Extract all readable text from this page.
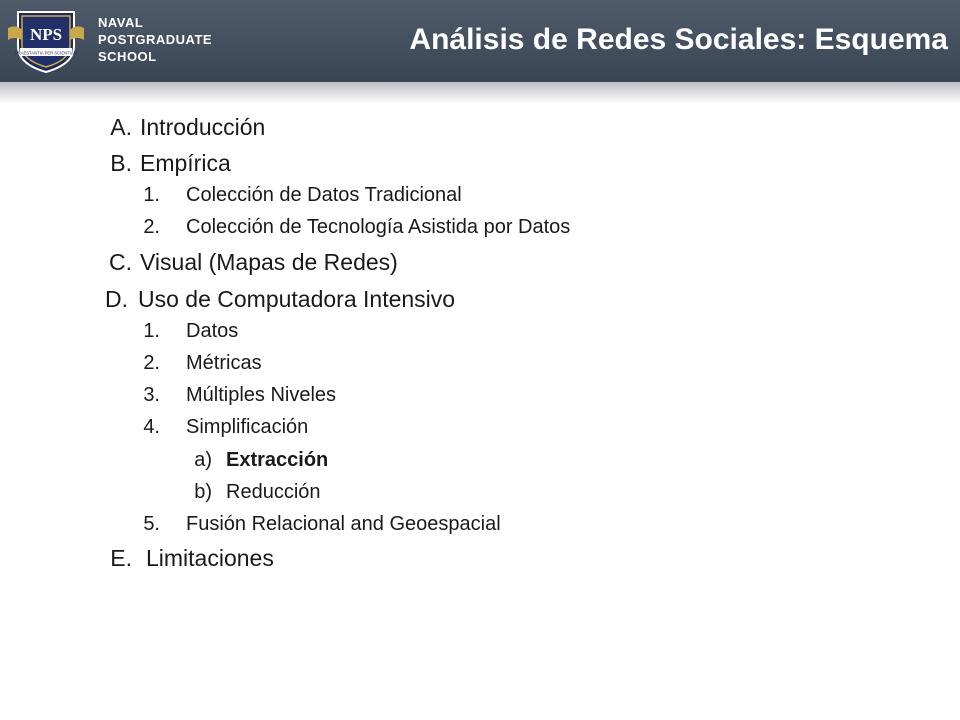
NPS
PRAESTANTIA PER SCIENTIAM
NAVAL
POSTGRADUATE
SCHOOL
Análisis de Redes Sociales: Esquema
A. Introducción
B. Empírica
1. Colección de Datos Tradicional
2. Colección de Tecnología Asistida por Datos
C. Visual (Mapas de Redes)
D. Uso de Computadora Intensivo
1. Datos
2. Métricas
3. Múltiples Niveles
4. Simplificación
a) Extracción
b) Reducción
5. Fusión Relacional and Geoespacial
E. Limitaciones
